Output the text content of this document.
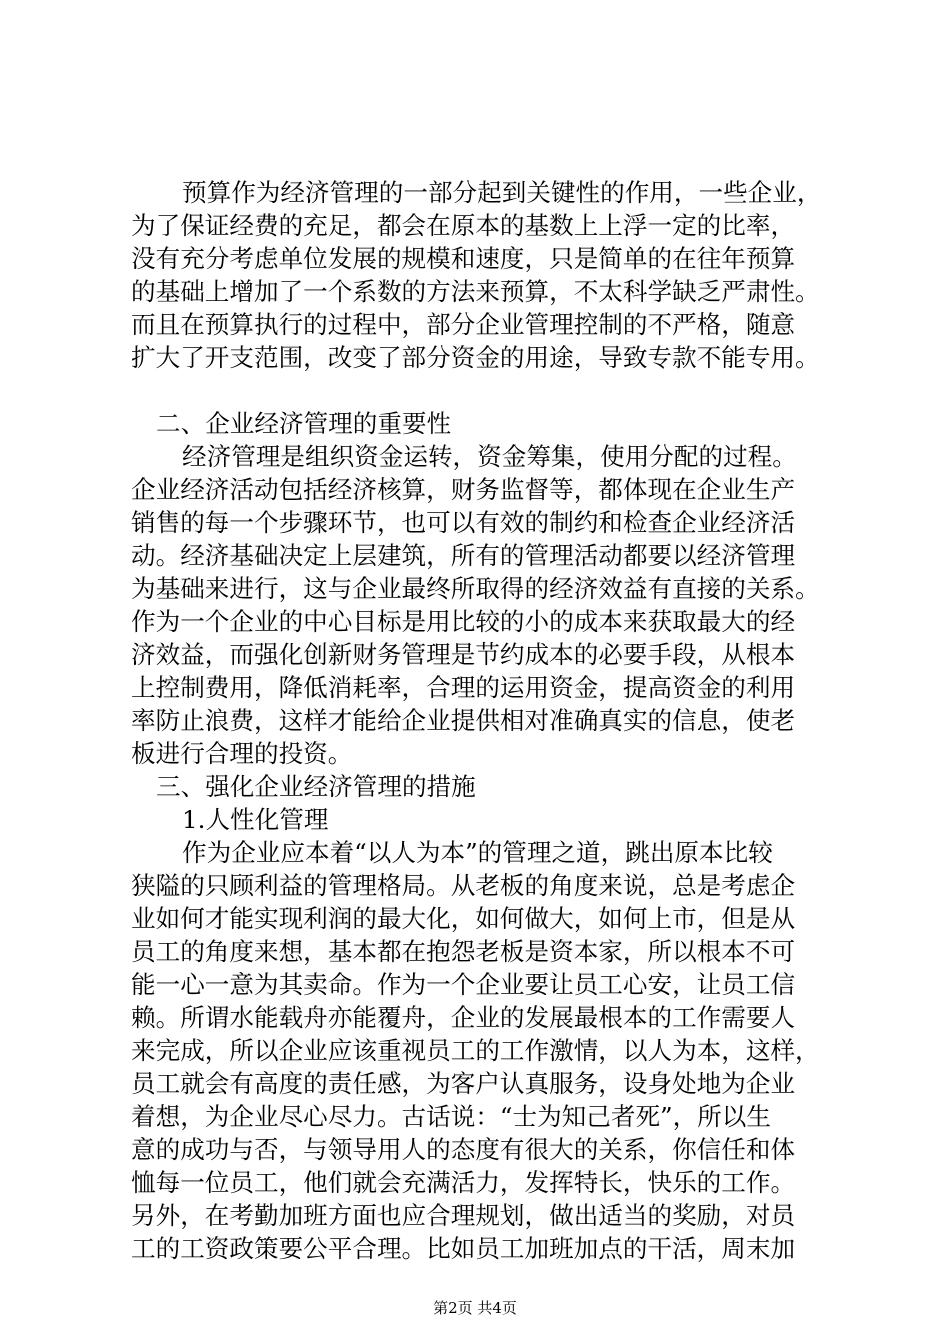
预算作为经济管理的一部分起到关键性的作用，一些企业，
为了保证经费的充足，都会在原本的基数上上浮一定的比率，
没有充分考虑单位发展的规模和速度，只是简单的在往年预算
的基础上增加了一个系数的方法来预算，不太科学缺乏严肃性。
而且在预算执行的过程中，部分企业管理控制的不严格，随意
扩大了开支范围，改变了部分资金的用途，导致专款不能专用。
二、企业经济管理的重要性
经济管理是组织资金运转，资金筹集，使用分配的过程。
企业经济活动包括经济核算，财务监督等，都体现在企业生产
销售的每一个步骤环节，也可以有效的制约和检查企业经济活
动。经济基础决定上层建筑，所有的管理活动都要以经济管理
为基础来进行，这与企业最终所取得的经济效益有直接的关系。
作为一个企业的中心目标是用比较的小的成本来获取最大的经
济效益，而强化创新财务管理是节约成本的必要手段，从根本
上控制费用，降低消耗率，合理的运用资金，提高资金的利用
率防止浪费，这样才能给企业提供相对准确真实的信息，使老
板进行合理的投资。
三、强化企业经济管理的措施
1.人性化管理
作为企业应本着“以人为本”的管理之道，跳出原本比较
狭隘的只顾利益的管理格局。从老板的角度来说，总是考虑企
业如何才能实现利润的最大化，如何做大，如何上市，但是从
员工的角度来想，基本都在抱怨老板是资本家，所以根本不可
能一心一意为其卖命。作为一个企业要让员工心安，让员工信
赖。所谓水能载舟亦能覆舟，企业的发展最根本的工作需要人
来完成，所以企业应该重视员工的工作激情，以人为本，这样，
员工就会有高度的责任感，为客户认真服务，设身处地为企业
着想，为企业尽心尽力。古话说：“士为知己者死”，所以生
意的成功与否，与领导用人的态度有很大的关系，你信任和体
恤每一位员工，他们就会充满活力，发挥特长，快乐的工作。
另外，在考勤加班方面也应合理规划，做出适当的奖励，对员
工的工资政策要公平合理。比如员工加班加点的干活，周末加
第2页 共4页
